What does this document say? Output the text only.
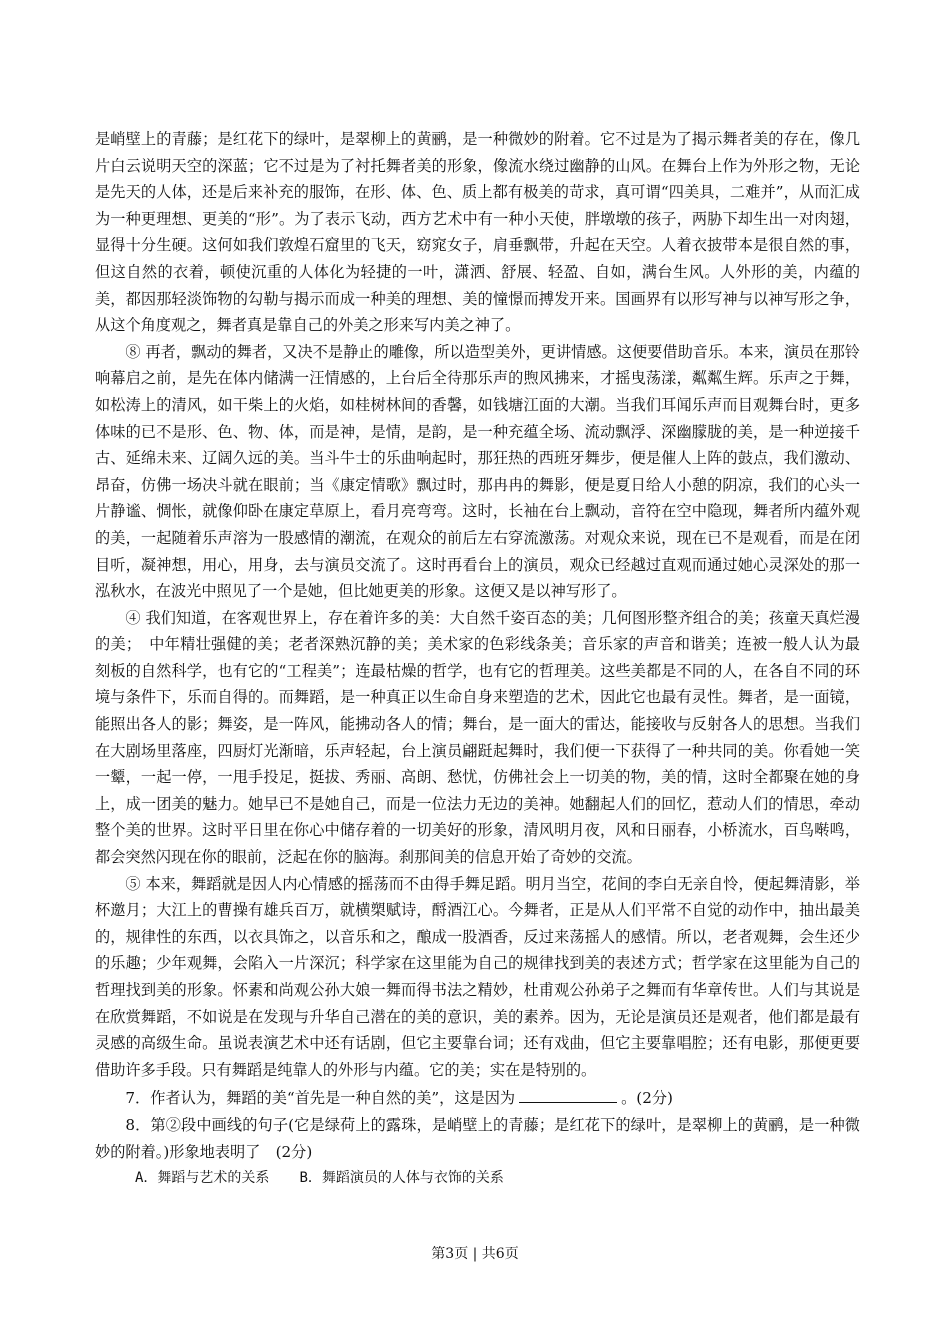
是峭壁上的青藤；是红花下的绿叶，是翠柳上的黄鹂，是一种微妙的附着。它不过是为了揭示舞者美的存在，像几片白云说明天空的深蓝；它不过是为了衬托舞者美的形象，像流水绕过幽静的山风。在舞台上作为外形之物，无论是先天的人体，还是后来补充的服饰，在形、体、色、质上都有极美的苛求，真可谓“四美具，二难并”，从而汇成为一种更理想、更美的“形”。为了表示飞动，西方艺术中有一种小天使，胖墩墩的孩子，两胁下却生出一对肉翅，显得十分生硬。这何如我们敦煌石窟里的飞天，窈窕女子，肩垂飘带，升起在天空。人着衣披带本是很自然的事，但这自然的衣着，顿使沉重的人体化为轻捷的一叶，潇洒、舒展、轻盈、自如，满台生风。人外形的美，内蕴的美，都因那轻淡饰物的勾勒与揭示而成一种美的理想、美的憧憬而搏发开来。国画界有以形写神与以神写形之争，从这个角度观之，舞者真是靠自己的外美之形来写内美之神了。

⑧ 再者，飘动的舞者，又决不是静止的雕像，所以造型美外，更讲情感。这便要借助音乐。本来，演员在那铃响幕启之前，是先在体内储满一汪情感的，上台后全待那乐声的煦风拂来，才摇曳荡漾，粼粼生辉。乐声之于舞，如松涛上的清风，如干柴上的火焰，如桂树林间的香馨，如钱塘江面的大潮。当我们耳闻乐声而目观舞台时，更多体味的已不是形、色、物、体，而是神，是情，是韵，是一种充蕴全场、流动飘浮、深幽朦胧的美，是一种逆接千古、延绵未来、辽阔久远的美。当斗牛士的乐曲响起时，那狂热的西班牙舞步，便是催人上阵的鼓点，我们激动、昂奋，仿佛一场决斗就在眼前；当《康定情歌》飘过时，那冉冉的舞影，便是夏日给人小憩的阴凉，我们的心头一片静谧、惆怅，就像仰卧在康定草原上，看月亮弯弯。这时，长袖在台上飘动，音符在空中隐现，舞者所内蕴外观的美，一起随着乐声溶为一股感情的潮流，在观众的前后左右穿流激荡。对观众来说，现在已不是观看，而是在闭目听，凝神想，用心，用身，去与演员交流了。这时再看台上的演员，观众已经越过直观而通过她心灵深处的那一泓秋水，在波光中照见了一个是她，但比她更美的形象。这便又是以神写形了。

④ 我们知道，在客观世界上，存在着许多的美：大自然千姿百态的美；几何图形整齐组合的美；孩童天真烂漫的美；　中年精壮强健的美；老者深熟沉静的美；美术家的色彩线条美；音乐家的声音和谐美；连被一般人认为最刻板的自然科学，也有它的“工程美”；连最枯燥的哲学，也有它的哲理美。这些美都是不同的人，在各自不同的环境与条件下，乐而自得的。而舞蹈，是一种真正以生命自身来塑造的艺术，因此它也最有灵性。舞者，是一面镜，能照出各人的影；舞姿，是一阵风，能拂动各人的情；舞台，是一面大的雷达，能接收与反射各人的思想。当我们在大剧场里落座，四厨灯光渐暗，乐声轻起，台上演员翩跹起舞时，我们便一下获得了一种共同的美。你看她一笑一颦，一起一停，一甩手投足，挺拔、秀丽、高朗、愁忧，仿佛社会上一切美的物，美的情，这时全都聚在她的身上，成一团美的魅力。她早已不是她自己，而是一位法力无边的美神。她翻起人们的回忆，惹动人们的情思，牵动整个美的世界。这时平日里在你心中储存着的一切美好的形象，清风明月夜，风和日丽春，小桥流水，百鸟啭鸣，都会突然闪现在你的眼前，泛起在你的脑海。刹那间美的信息开始了奇妙的交流。

⑤ 本来，舞蹈就是因人内心情感的摇荡而不由得手舞足蹈。明月当空，花间的李白无亲自怜，便起舞清影，举杯邀月；大江上的曹操有雄兵百万，就横槊赋诗，酹酒江心。今舞者，正是从人们平常不自觉的动作中，抽出最美的，规律性的东西，以衣具饰之，以音乐和之，酿成一股酒香，反过来荡摇人的感情。所以，老者观舞，会生还少的乐趣；少年观舞，会陷入一片深沉；科学家在这里能为自己的规律找到美的表述方式；哲学家在这里能为自己的哲理找到美的形象。怀素和尚观公孙大娘一舞而得书法之精妙，杜甫观公孙弟子之舞而有华章传世。人们与其说是在欣赏舞蹈，不如说是在发现与升华自己潜在的美的意识，美的素养。因为，无论是演员还是观者，他们都是最有灵感的高级生命。虽说表演艺术中还有话剧，但它主要靠台词；还有戏曲，但它主要靠唱腔；还有电影，那便更要借助许多手段。只有舞蹈是纯靠人的外形与内蕴。它的美；实在是特别的。

7．作者认为，舞蹈的美“首先是一种自然的美”，这是因为	。(2分)

8．第②段中画线的句子(它是绿荷上的露珠，是峭壁上的青藤；是红花下的绿叶，是翠柳上的黄鹂，是一种微妙的附着。)形象地表明了　(2分)

A．舞蹈与艺术的关系 B．舞蹈演员的人体与衣饰的关系
第3页 | 共6页
